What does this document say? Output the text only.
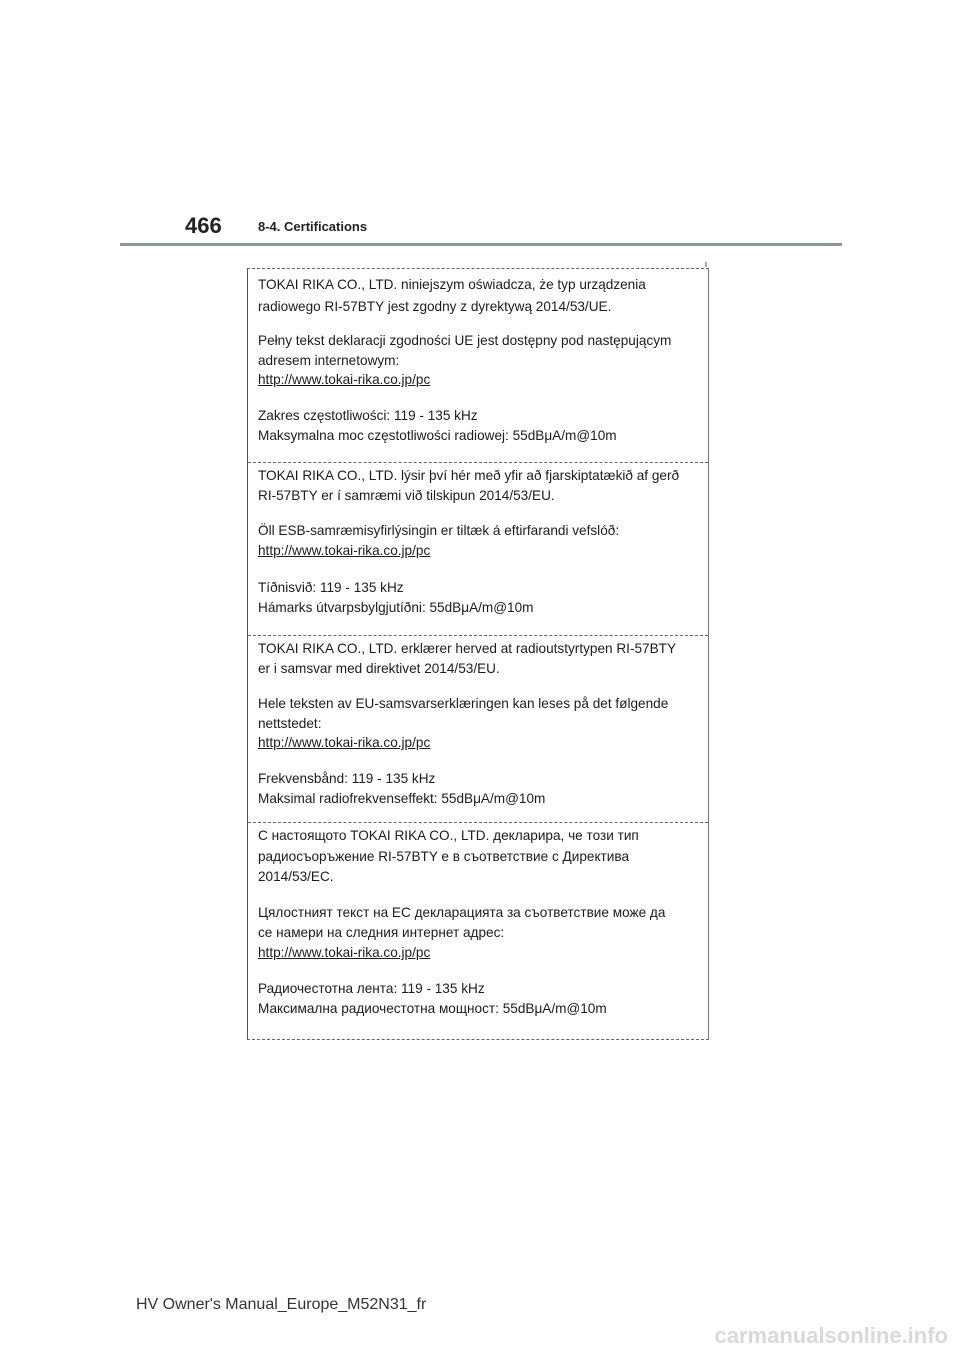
466	8-4. Certifications
TOKAI RIKA CO., LTD. niniejszym oświadcza, że typ urządzenia
radiowego RI-57BTY jest zgodny z dyrektywą 2014/53/UE.
Pełny tekst deklaracji zgodności UE jest dostępny pod następującym
adresem internetowym:
http://www.tokai-rika.co.jp/pc
Zakres częstotliwości: 119 - 135 kHz
Maksymalna moc częstotliwości radiowej: 55dBμA/m@10m
TOKAI RIKA CO., LTD. lýsir því hér með yfir að fjarskiptatækið af gerð
RI-57BTY er í samræmi við tilskipun 2014/53/EU.
Öll ESB-samræmisyfirlýsingin er tiltæk á eftirfarandi vefslóð:
http://www.tokai-rika.co.jp/pc
Tíðnisvið: 119 - 135 kHz
Hámarks útvarpsbylgjutíðni: 55dBμA/m@10m
TOKAI RIKA CO., LTD. erklærer herved at radioutstyrtypen RI-57BTY
er i samsvar med direktivet 2014/53/EU.
Hele teksten av EU-samsvarserklæringen kan leses på det følgende
nettstedet:
http://www.tokai-rika.co.jp/pc
Frekvensbånd: 119 - 135 kHz
Maksimal radiofrekvenseffekt: 55dBμA/m@10m
С настоящото TOKAI RIKA CO., LTD. декларира, че този тип
радиосъоръжение RI-57BTY е в съответствие с Директива
2014/53/ЕС.
Цялостният текст на ЕС декларацията за съответствие може да
се намери на следния интернет адрес:
http://www.tokai-rika.co.jp/pc
Радиочестотна лента: 119 - 135 kHz
Максимална радиочестотна мощност: 55dBμA/m@10m
HV Owner's Manual_Europe_M52N31_fr
carmanualsonline.info
